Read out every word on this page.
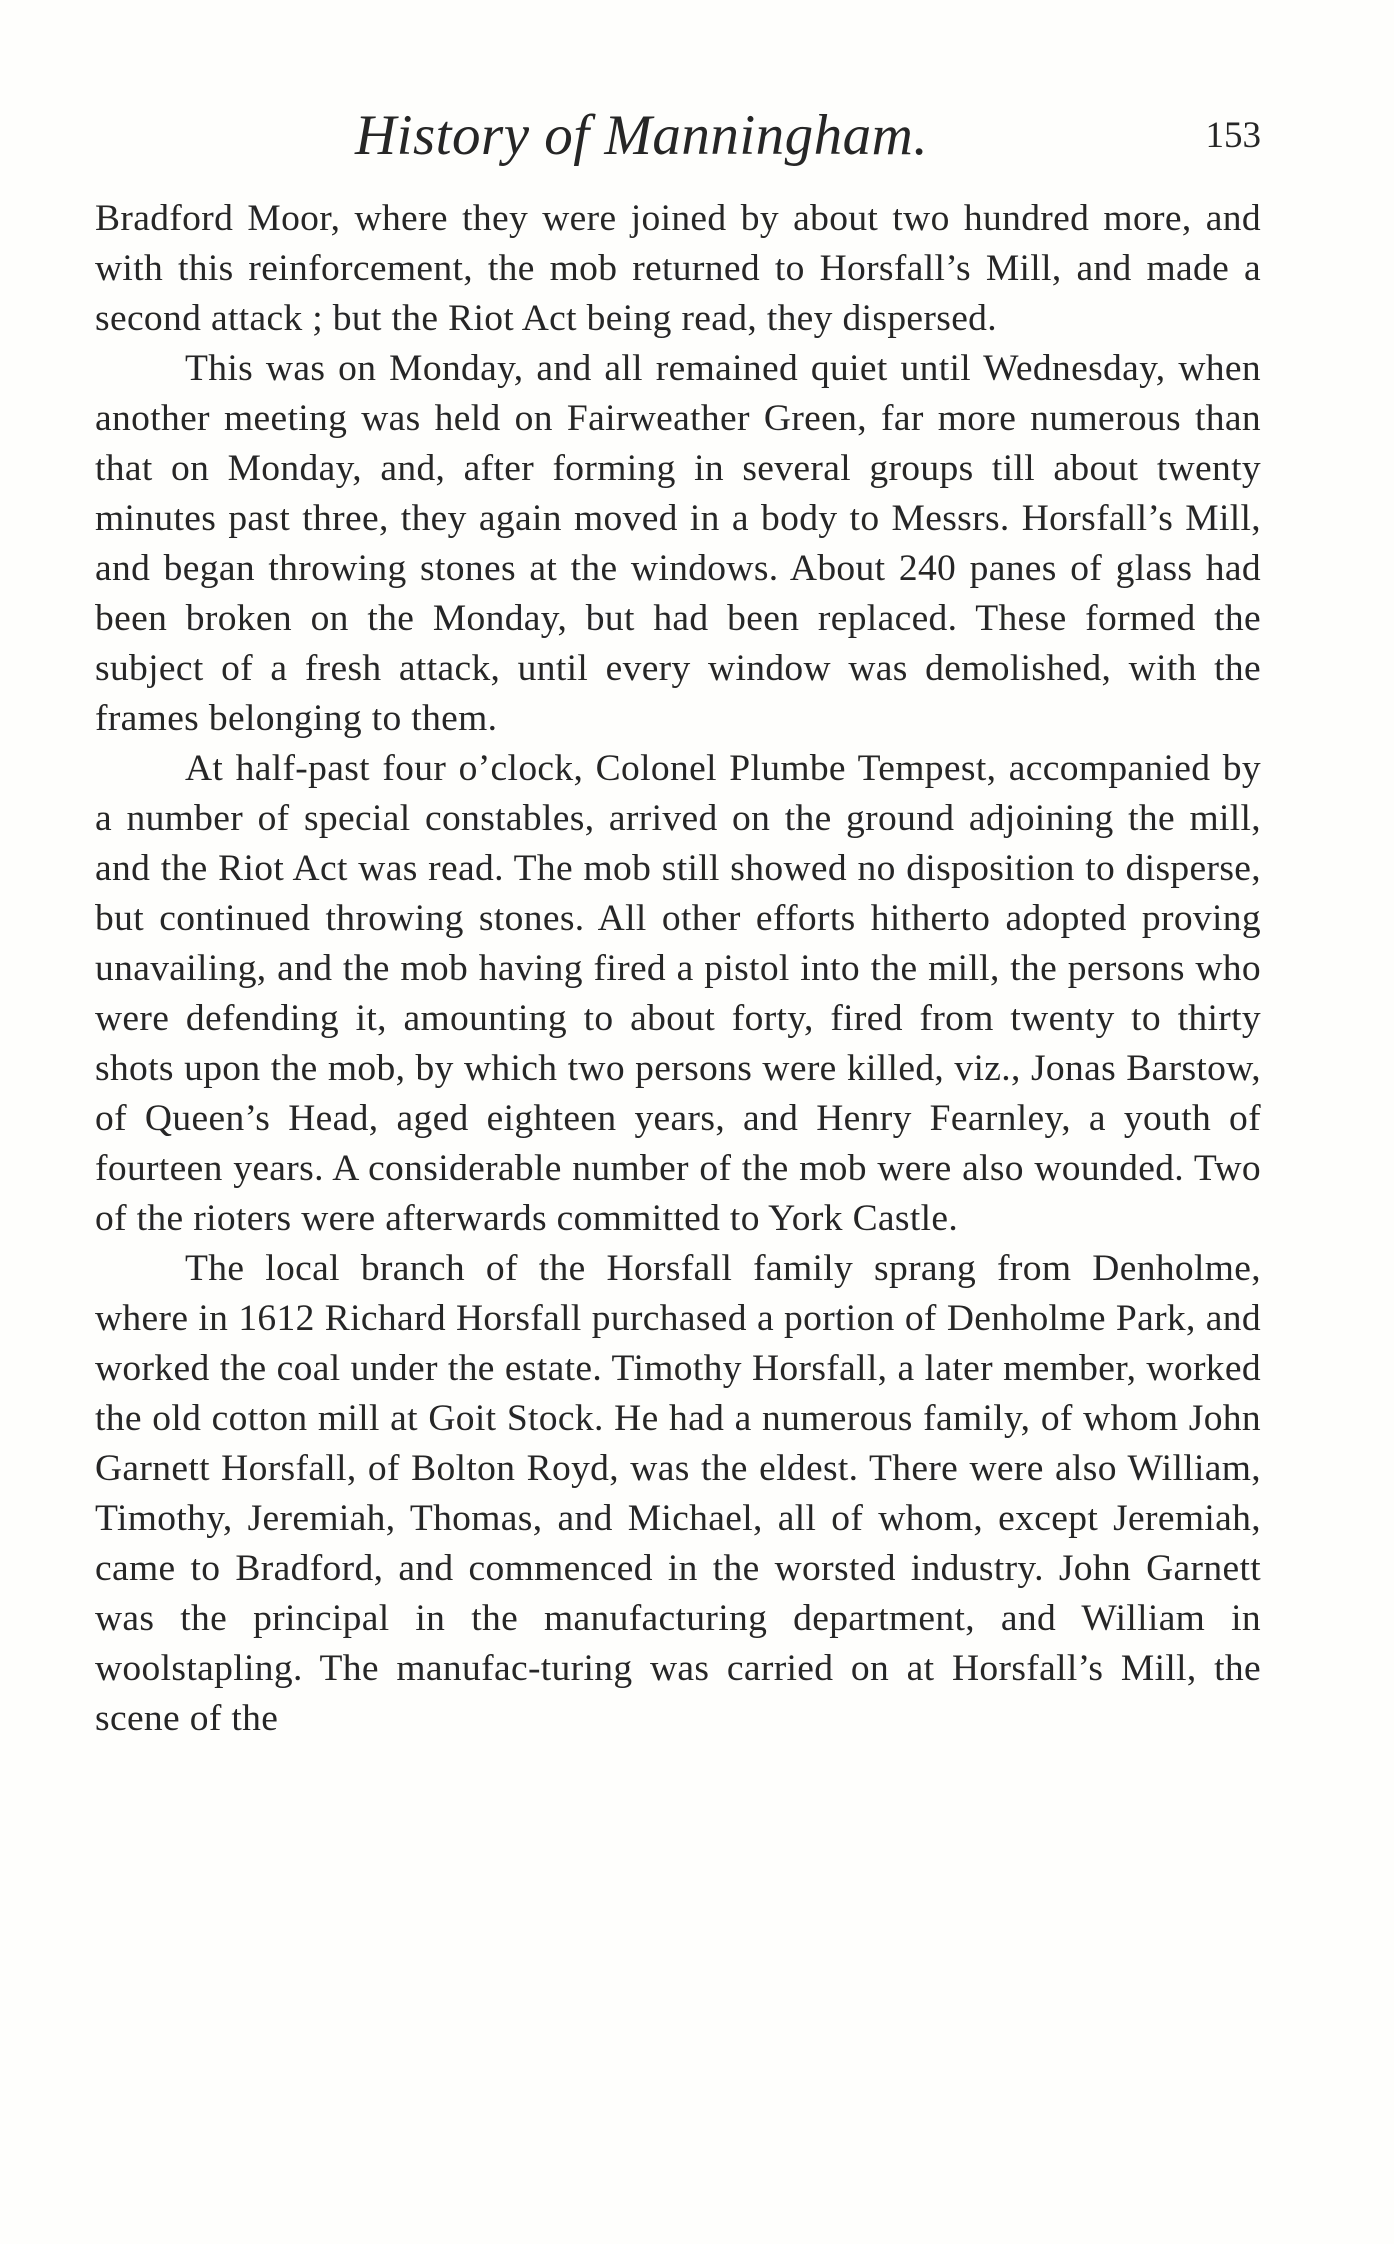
History of Manningham.	153

Bradford Moor, where they were joined by about two hundred more, and with this reinforcement, the mob returned to Horsfall’s Mill, and made a second attack ; but the Riot Act being read, they dispersed.

This was on Monday, and all remained quiet until Wednesday, when another meeting was held on Fairweather Green, far more numerous than that on Monday, and, after forming in several groups till about twenty minutes past three, they again moved in a body to Messrs. Horsfall’s Mill, and began throwing stones at the windows. About 240 panes of glass had been broken on the Monday, but had been replaced. These formed the subject of a fresh attack, until every window was demolished, with the frames belonging to them.

At half-past four o’clock, Colonel Plumbe Tempest, accompanied by a number of special constables, arrived on the ground adjoining the mill, and the Riot Act was read. The mob still showed no disposition to disperse, but continued throwing stones. All other efforts hitherto adopted proving unavailing, and the mob having fired a pistol into the mill, the persons who were defending it, amounting to about forty, fired from twenty to thirty shots upon the mob, by which two persons were killed, viz., Jonas Barstow, of Queen’s Head, aged eighteen years, and Henry Fearnley, a youth of fourteen years. A considerable number of the mob were also wounded. Two of the rioters were afterwards committed to York Castle.

The local branch of the Horsfall family sprang from Denholme, where in 1612 Richard Horsfall purchased a portion of Denholme Park, and worked the coal under the estate. Timothy Horsfall, a later member, worked the old cotton mill at Goit Stock. He had a numerous family, of whom John Garnett Horsfall, of Bolton Royd, was the eldest. There were also William, Timothy, Jeremiah, Thomas, and Michael, all of whom, except Jeremiah, came to Bradford, and commenced in the worsted industry. John Garnett was the principal in the manufacturing department, and William in woolstapling. The manufac-turing was carried on at Horsfall’s Mill, the scene of the
